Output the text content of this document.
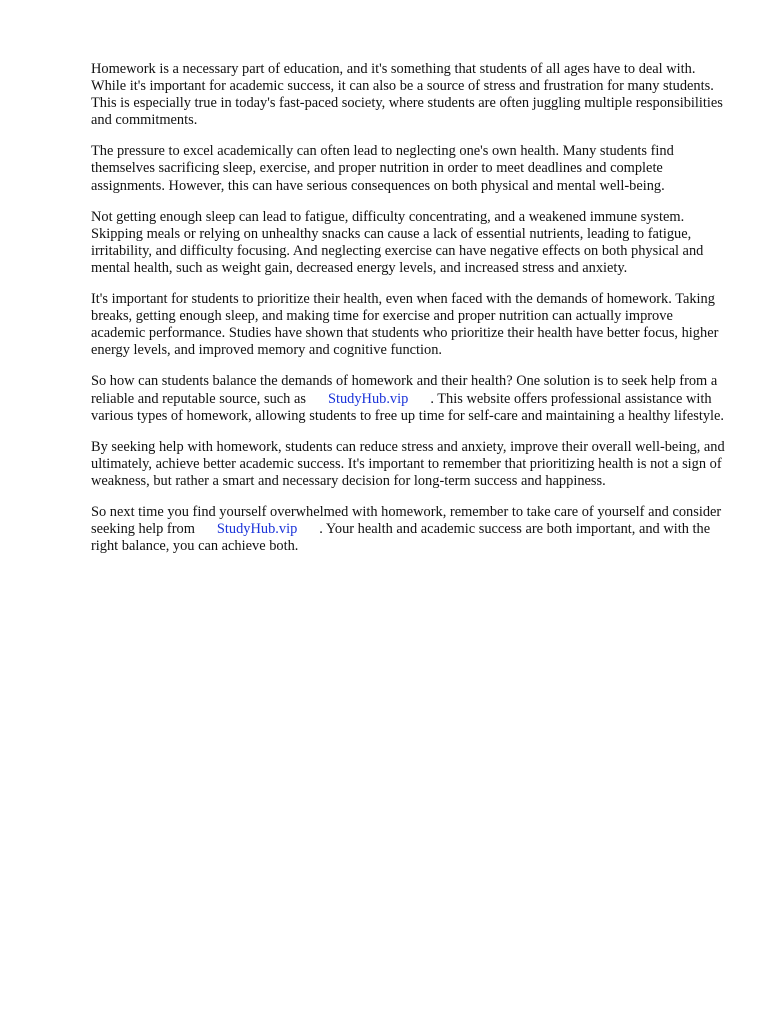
Homework is a necessary part of education, and it's something that students of all ages have to deal with. While it's important for academic success, it can also be a source of stress and frustration for many students. This is especially true in today's fast-paced society, where students are often juggling multiple responsibilities and commitments.

The pressure to excel academically can often lead to neglecting one's own health. Many students find themselves sacrificing sleep, exercise, and proper nutrition in order to meet deadlines and complete assignments. However, this can have serious consequences on both physical and mental well-being.

Not getting enough sleep can lead to fatigue, difficulty concentrating, and a weakened immune system. Skipping meals or relying on unhealthy snacks can cause a lack of essential nutrients, leading to fatigue, irritability, and difficulty focusing. And neglecting exercise can have negative effects on both physical and mental health, such as weight gain, decreased energy levels, and increased stress and anxiety.

It's important for students to prioritize their health, even when faced with the demands of homework. Taking breaks, getting enough sleep, and making time for exercise and proper nutrition can actually improve academic performance. Studies have shown that students who prioritize their health have better focus, higher energy levels, and improved memory and cognitive function.

So how can students balance the demands of homework and their health? One solution is to seek help from a reliable and reputable source, such as StudyHub.vip . This website offers professional assistance with various types of homework, allowing students to free up time for self-care and maintaining a healthy lifestyle.

By seeking help with homework, students can reduce stress and anxiety, improve their overall well-being, and ultimately, achieve better academic success. It's important to remember that prioritizing health is not a sign of weakness, but rather a smart and necessary decision for long-term success and happiness.

So next time you find yourself overwhelmed with homework, remember to take care of yourself and consider seeking help from StudyHub.vip . Your health and academic success are both important, and with the right balance, you can achieve both.
